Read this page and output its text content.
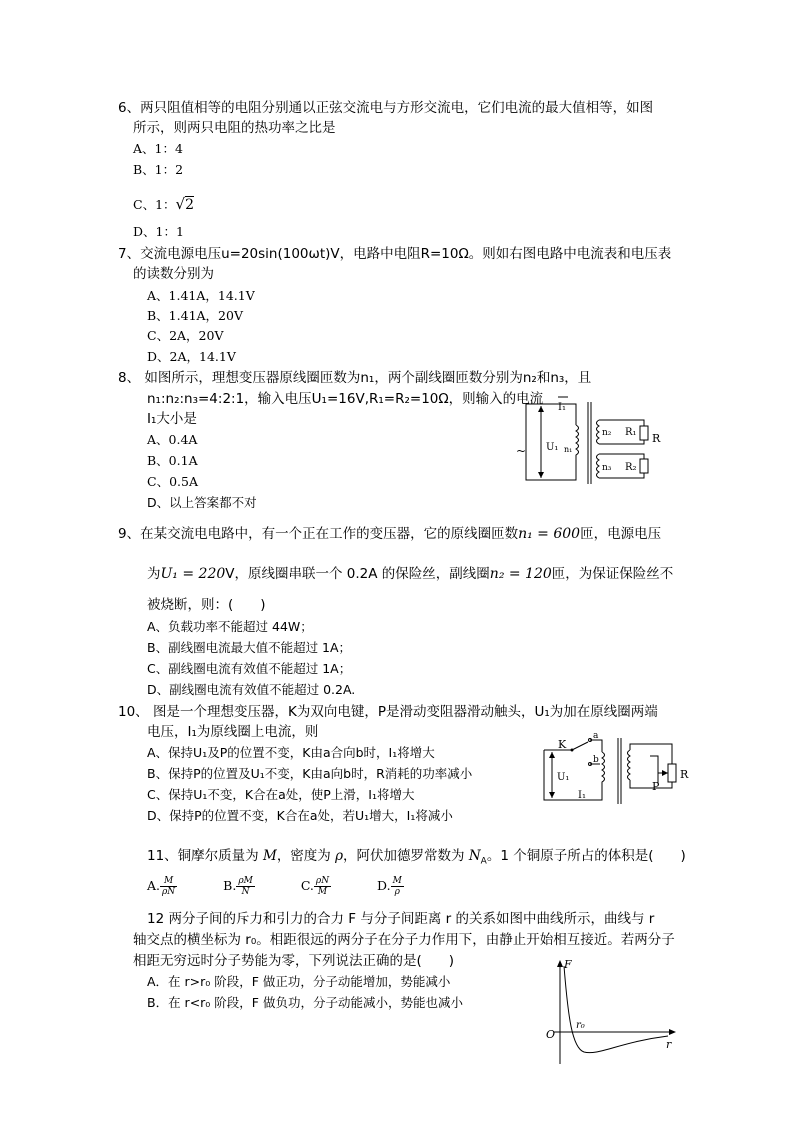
6、两只阻值相等的电阻分别通以正弦交流电与方形交流电，它们电流的最大值相等，如图
所示，则两只电阻的热功率之比是
A、1：4
B、1：2
C、1：√2
D、1：1
7、交流电源电压u=20sin(100ωt)V，电路中电阻R=10Ω。则如右图电路中电流表和电压表
的读数分别为
A、1.41A，14.1V
B、1.41A，20V
C、2A，20V
D、2A，14.1V
8、 如图所示，理想变压器原线圈匝数为n₁，两个副线圈匝数分别为n₂和n₃，且
n₁:n₂:n₃=4:2:1，输入电压U₁=16V,R₁=R₂=10Ω，则输入的电流
I₁大小是
A、0.4A
B、0.1A
C、0.5A
D、以上答案都不对
I₁
U₁ n₁
n₂ R₁ R
n₃ R₂
~
9、在某交流电电路中，有一个正在工作的变压器，它的原线圈匝数n₁ = 600匝，电源电压
为U₁ = 220V，原线圈串联一个 0.2A 的保险丝，副线圈n₂ = 120匝，为保证保险丝不
被烧断，则：(　　)
A、负载功率不能超过 44W；
B、副线圈电流最大值不能超过 1A；
C、副线圈电流有效值不能超过 1A；
D、副线圈电流有效值不能超过 0.2A.
10、 图是一个理想变压器，K为双向电键，P是滑动变阻器滑动触头，U₁为加在原线圈两端
电压，I₁为原线圈上电流，则
A、保持U₁及P的位置不变，K由a合向b时，I₁将增大
B、保持P的位置及U₁不变，K由a向b时，R消耗的功率减小
C、保持U₁不变，K合在a处，使P上滑，I₁将增大
D、保持P的位置不变，K合在a处，若U₁增大，I₁将减小
K
a
b
U₁
I₁
P
R
11、铜摩尔质量为 M，密度为 ρ，阿伏加德罗常数为 $N_A$。1 个铜原子所占的体积是(　　)
A. $\frac{M}{\rho N}$	B. $\frac{\rho M}{N}$	C. $\frac{\rho N}{M}$	D. $\frac{M}{\rho}$
12 两分子间的斥力和引力的合力 F 与分子间距离 r 的关系如图中曲线所示，曲线与 r
轴交点的横坐标为 r₀。相距很远的两分子在分子力作用下，由静止开始相互接近。若两分子
相距无穷远时分子势能为零，下列说法正确的是(　　)
A．在 r>r₀ 阶段，F 做正功，分子动能增加，势能减小
B．在 r<r₀ 阶段，F 做负功，分子动能减小，势能也减小
F
O
r₀
r
